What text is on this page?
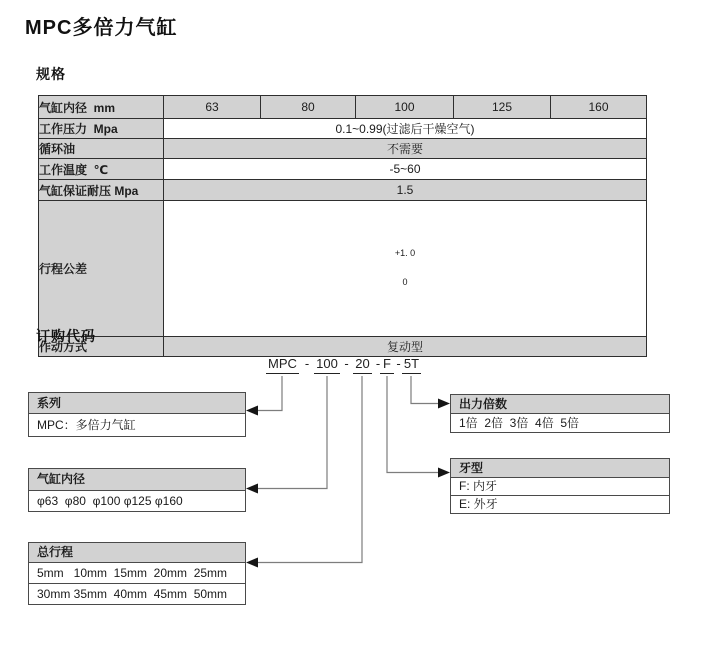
MPC多倍力气缸
规格
气缸内径  mm	63	80	100	125	160
工作压力  Mpa	0.1~0.99(过滤后干燥空气)				
循环油	不需要				
工作温度  ℃	-5~60				
气缸保证耐压 Mpa	1.5				
行程公差	+1. 0

0				

作动方式	复动型				
订购代码
MPC - 100 - 20 - F - 5T
系列
MPC：多倍力气缸
气缸内径
φ63  φ80  φ100 φ125 φ160
总行程
5mm   10mm  15mm  20mm  25mm
30mm 35mm  40mm  45mm  50mm
出力倍数
1倍  2倍  3倍  4倍  5倍
牙型
F: 内牙
E: 外牙
